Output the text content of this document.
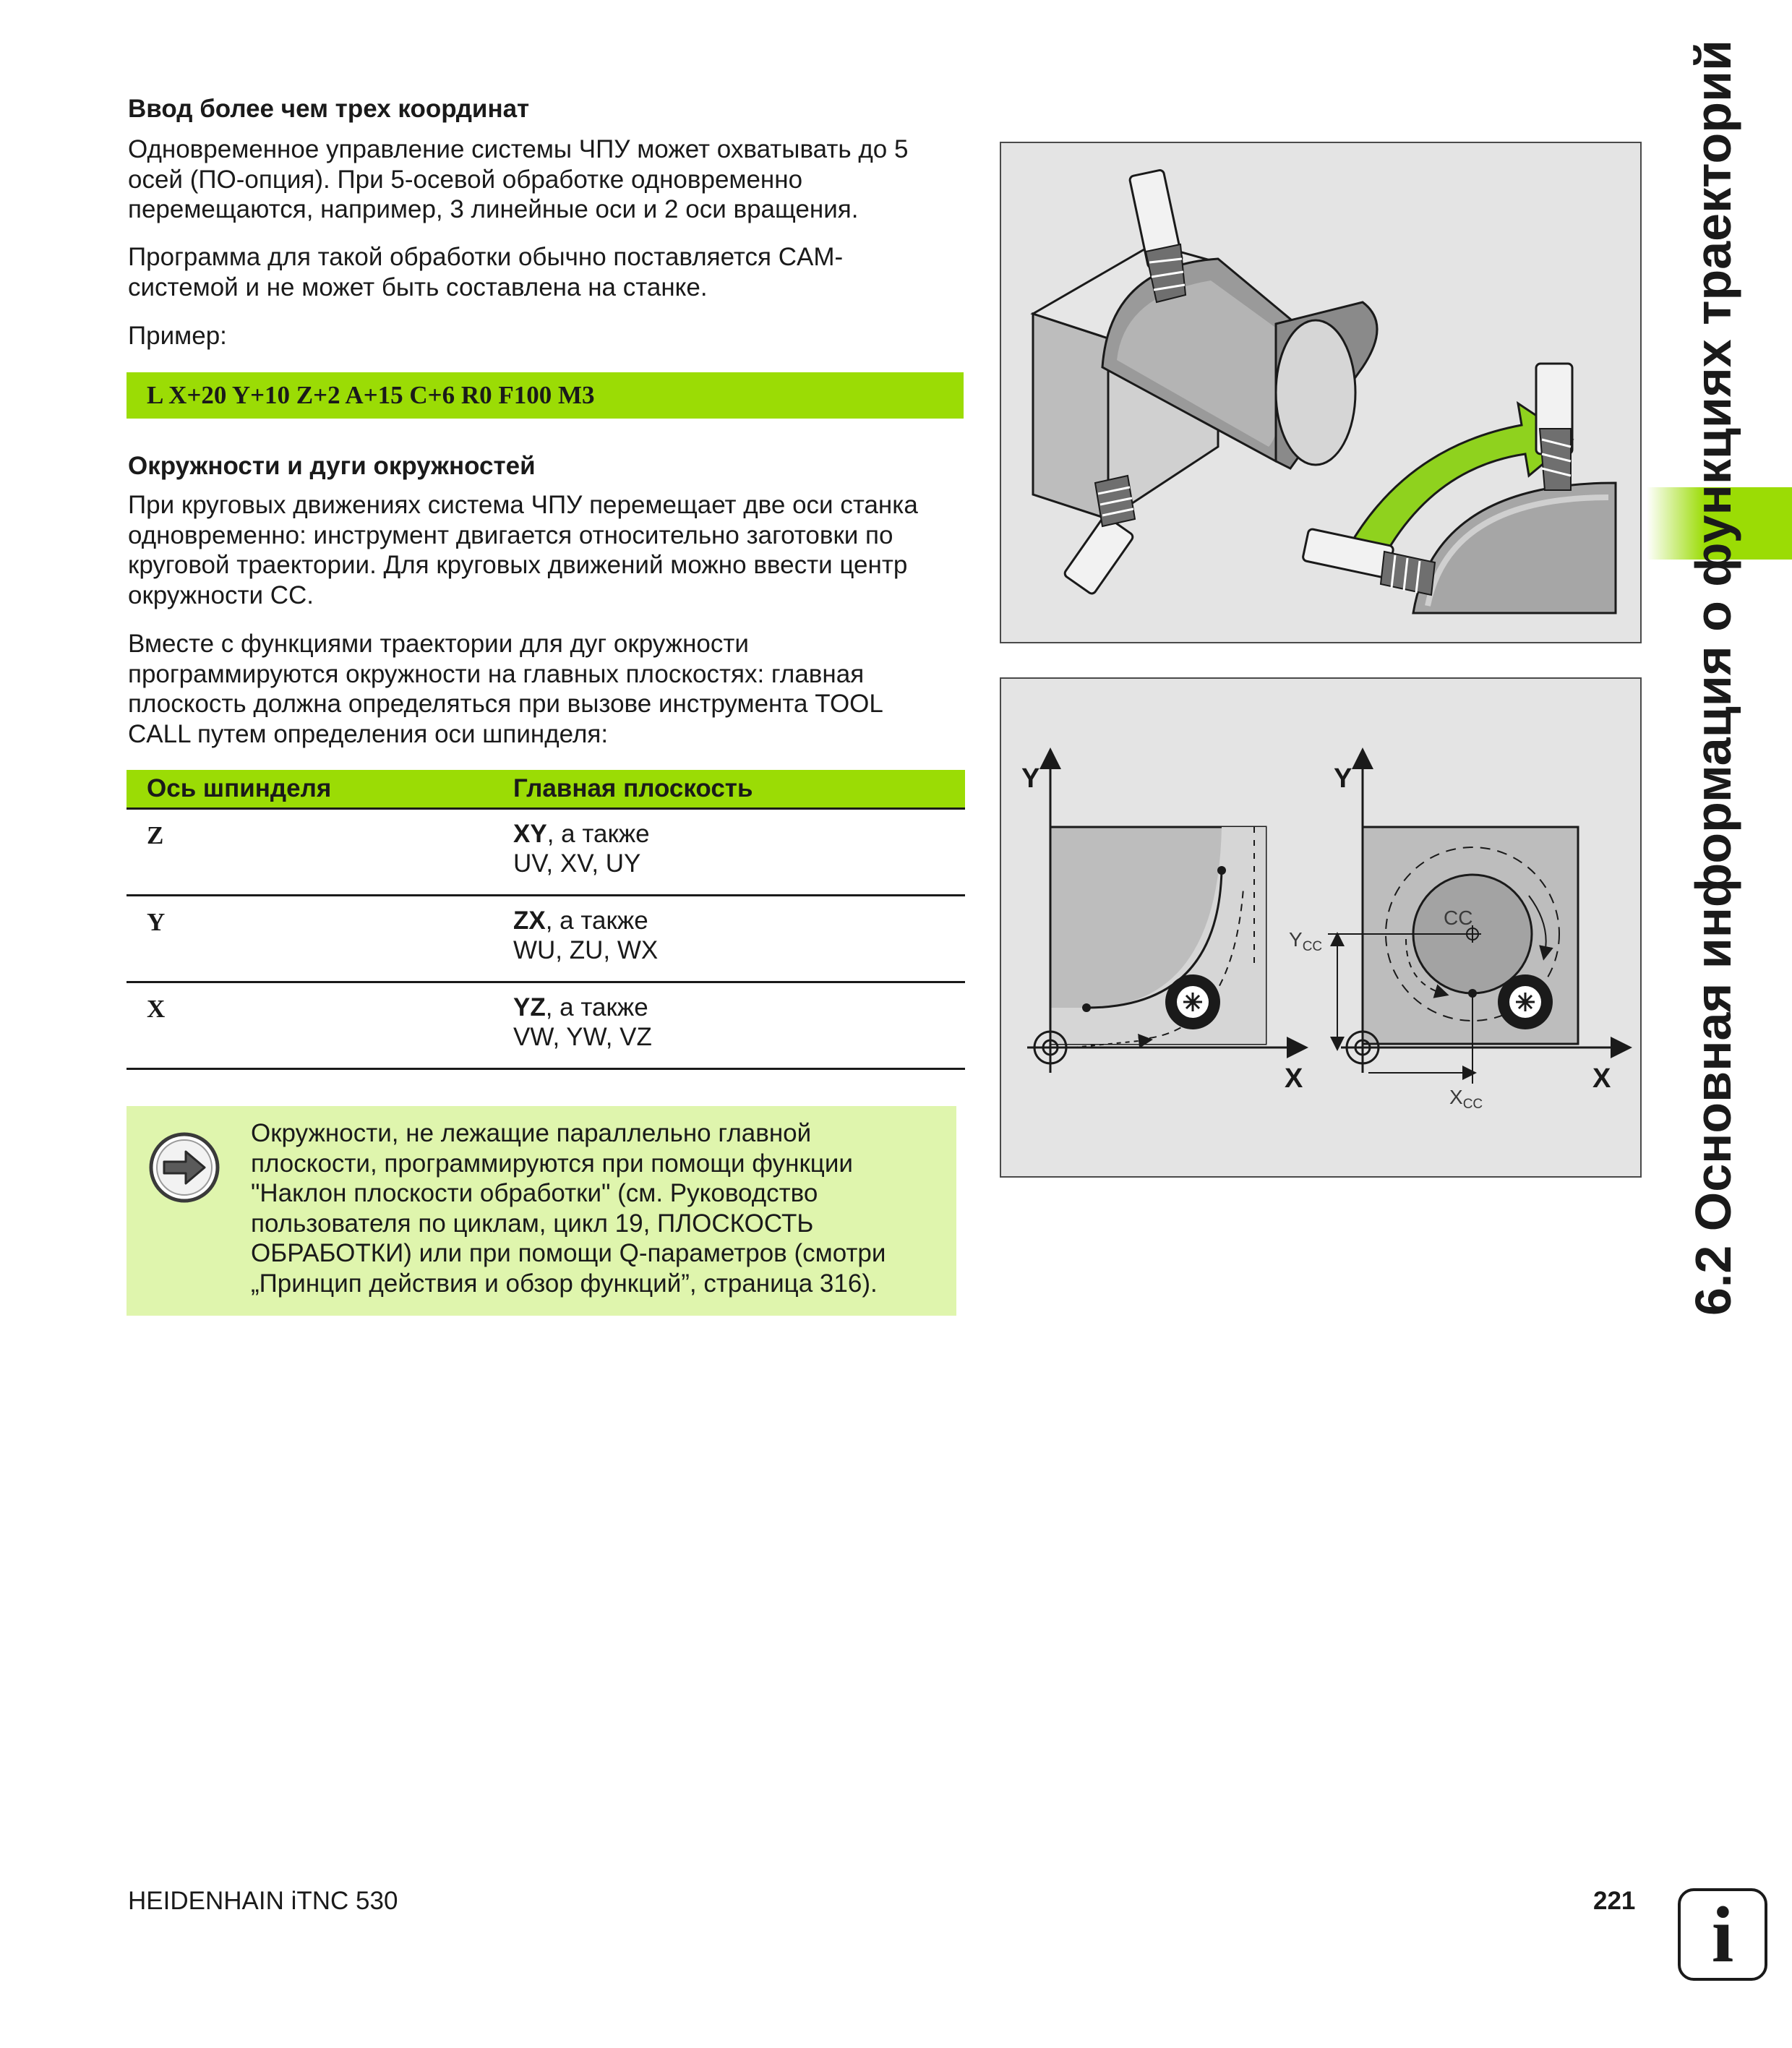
Ввод более чем трех координат

Одновременное управление системы ЧПУ может охватывать до 5

осей (ПО-опция). При 5-осевой обработке одновременно

перемещаются, например, 3 линейные оси и 2 оси вращения.

Программа для такой обработки обычно поставляется CAM-

системой и не может быть составлена на станке.

Пример:

L X+20 Y+10 Z+2 A+15 C+6 R0 F100 M3
Окружности и дуги окружностей

При круговых движениях система ЧПУ перемещает две оси станка

одновременно: инструмент двигается относительно заготовки по

круговой траектории. Для круговых движений можно ввести центр

окружности CC.

Вместе с функциями траектории для дуг окружности

программируются окружности на главных плоскостях: главная

плоскость должна определяться при вызове инструмента TOOL

CALL путем определения оси шпинделя:

Ось шпинделя	Главная плоскость
Z	XY, а также
UV, XV, UY
Y	ZX, а также
WU, ZU, WX
X	YZ, а также
VW, YW, VZ
Окружности, не лежащие параллельно главной
плоскости, программируются при помощи функции
"Наклон плоскости обработки" (см. Руководство
пользователя по циклам, цикл 19, ПЛОСКОСТЬ
ОБРАБОТКИ) или при помощи Q-параметров (смотри
„Принцип действия и обзор функций”, страница 316).
Y
X
CC
$Y_{CC}$
$X_{CC}$
Y
X 6.2 Основная информация о функциях траекторий
HEIDENHAIN iTNC 530	221 i
